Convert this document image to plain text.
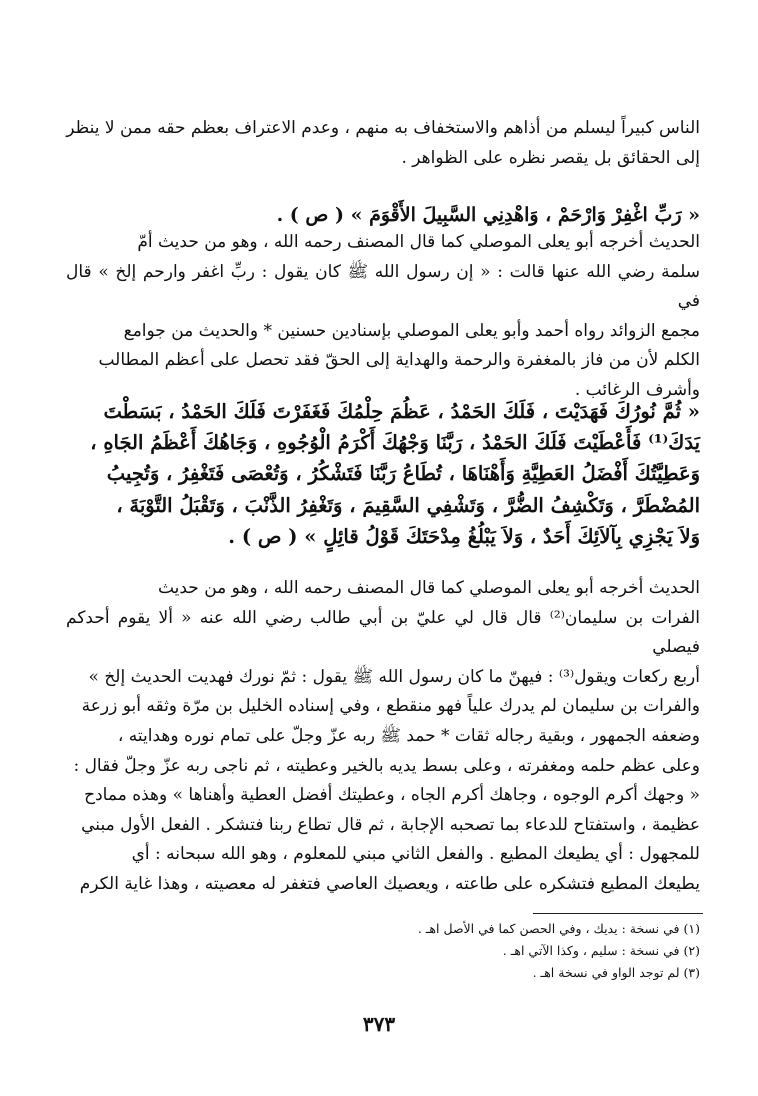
الناس كبيراً ليسلم من أذاهم والاستخفاف به منهم ، وعدم الاعتراف بعظم حقه ممن لا ينظر
إلى الحقائق بل يقصر نظره على الظواهر .
« رَبِّ اغْفِرْ وَارْحَمْ ، وَاهْدِنِي السَّبِيلَ الأَقْوَمَ » ( ص ) .
الحديث أخرجه أبو يعلى الموصلي كما قال المصنف رحمه الله ، وهو من حديث أمّ
سلمة رضي الله عنها قالت : « إن رسول الله ﷺ كان يقول : ربِّ اغفر وارحم إلخ » قال في
مجمع الزوائد رواه أحمد وأبو يعلى الموصلي بإسنادين حسنين * والحديث من جوامع
الكلم لأن من فاز بالمغفرة والرحمة والهداية إلى الحقّ فقد تحصل على أعظم المطالب
وأشرف الرغائب .
« ثُمَّ نُورُكَ فَهَدَيْتَ ، فَلَكَ الحَمْدُ ، عَظُمَ حِلْمُكَ فَغَفَرْتَ فَلَكَ الحَمْدُ ، بَسَطْتَ
يَدَكَ⁽¹⁾ فَأَعْطَيْتَ فَلَكَ الحَمْدُ ، رَبَّنَا وَجْهُكَ أَكْرَمُ الْوُجُوهِ ، وَجَاهُكَ أَعْظَمُ الجَاهِ ،
وَعَطِيَّتُكَ أَفْضَلُ العَطِيَّةِ وَأَهْنَاهَا ، تُطَاعُ رَبَّنَا فَتَشْكُرُ ، وَتُعْصَى فَتَغْفِرُ ، وَتُجِيبُ
المُضْطَرَّ ، وَتَكْشِفُ الضُّرَّ ، وَتَشْفِي السَّقِيمَ ، وَتَغْفِرُ الذَّنْبَ ، وَتَقْبَلُ التَّوْبَةَ ،
وَلاَ يَجْزِي بِآلاَئِكَ أَحَدٌ ، وَلاَ يَبْلُغُ مِدْحَتَكَ قَوْلُ قائِلٍ » ( ص ) .
الحديث أخرجه أبو يعلى الموصلي كما قال المصنف رحمه الله ، وهو من حديث
الفرات بن سليمان⁽²⁾ قال قال لي عليّ بن أبي طالب رضي الله عنه « ألا يقوم أحدكم فيصلي
أربع ركعات ويقول⁽³⁾ : فيهنّ ما كان رسول الله ﷺ يقول : ثمّ نورك فهديت الحديث إلخ »
والفرات بن سليمان لم يدرك علياً فهو منقطع ، وفي إسناده الخليل بن مرّة وثقه أبو زرعة
وضعفه الجمهور ، وبقية رجاله ثقات * حمد ﷺ ربه عزّ وجلّ على تمام نوره وهدايته ،
وعلى عظم حلمه ومغفرته ، وعلى بسط يديه بالخير وعطيته ، ثم ناجى ربه عزّ وجلّ فقال :
« وجهك أكرم الوجوه ، وجاهك أكرم الجاه ، وعطيتك أفضل العطية وأهناها » وهذه ممادح
عظيمة ، واستفتاح للدعاء بما تصحبه الإجابة ، ثم قال تطاع ربنا فتشكر . الفعل الأول مبني
للمجهول : أي يطيعك المطيع . والفعل الثاني مبني للمعلوم ، وهو الله سبحانه : أي
يطيعك المطيع فتشكره على طاعته ، ويعصيك العاصي فتغفر له معصيته ، وهذا غاية الكرم
(١) في نسخة : يديك ، وفي الحصن كما في الأصل اهـ .
(٢) في نسخة : سليم ، وكذا الآتي اهـ .
(٣) لم توجد الواو في نسخة اهـ .
٣٧٣
